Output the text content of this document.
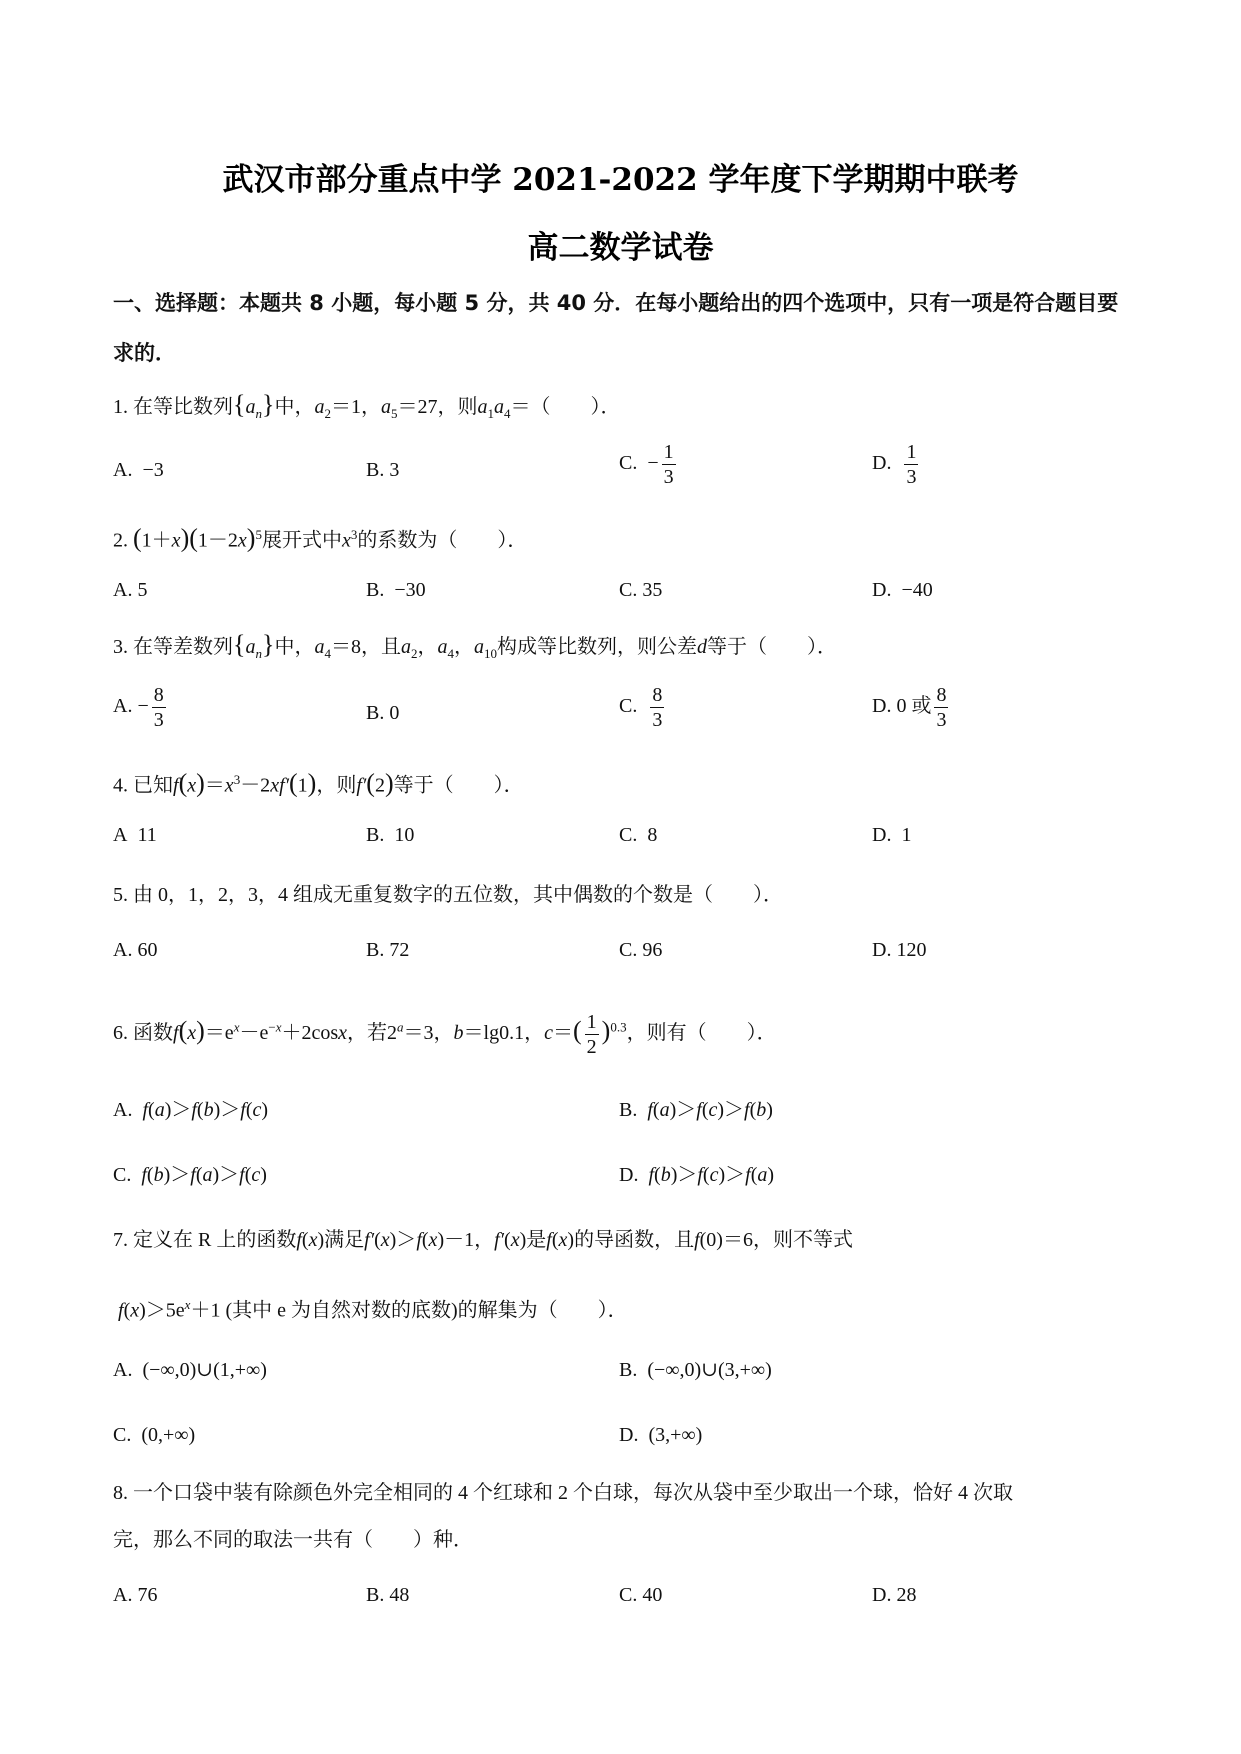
武汉市部分重点中学 2021-2022 学年度下学期期中联考
高二数学试卷
一、选择题：本题共 8 小题，每小题 5 分，共 40 分．在每小题给出的四个选项中，只有一项是符合题目要求的．
1. 在等比数列$\{a_n\}$中，$a_2=1$，$a_5=27$，则$a_1a_4=$（　　）．
A. −3	B. 3	C. − $\frac{1}{3}$	D. $\frac{1}{3}$
2. $(1+x)(1-2x)^5$展开式中$x^3$的系数为（　　）．
A. 5	B. −30	C. 35	D. −40
3. 在等差数列$\{a_n\}$中，$a_4=8$，且$a_2$，$a_4$，$a_{10}$构成等比数列，则公差d等于（　　）．
A. − $\frac{8}{3}$	B. 0	C. $\frac{8}{3}$	D. 0 或 $\frac{8}{3}$
4. 已知$f(x)=x^3-2xf'(1)$，则f′(2)等于（　　）．
A 11	B. 10	C. 8	D. 1
5. 由 0，1，2，3，4 组成无重复数字的五位数，其中偶数的个数是（　　）．
A. 60	B. 72	C. 96	D. 120
6. 函数$f(x)=e^x-e^{-x}+2\cos x$，若$2^a=3$，b＝lg0.1，$c=( \frac{1}{2} )^{0.3}$，则有（　　）．
A. f(a)＞f(b)＞f(c)	B. f(a)＞f(c)＞f(b)
C. f(b)＞f(a)＞f(c)	D. f(b)＞f(c)＞f(a)
7. 定义在 R 上的函数f(x)满足f′(x)＞f(x)－1，f′(x)是f(x)的导函数，且f(0)＝6，则不等式
$f(x)>5e^x+1$ (其中 e 为自然对数的底数)的解集为（　　）．
A.  (−∞,0)∪(1,+∞)	B.  (−∞,0)∪(3,+∞)
C.  (0,+∞)	D.  (3,+∞)
8. 一个口袋中装有除颜色外完全相同的 4 个红球和 2 个白球，每次从袋中至少取出一个球，恰好 4 次取
完，那么不同的取法一共有（　　）种．
A. 76	B. 48	C. 40	D. 28
